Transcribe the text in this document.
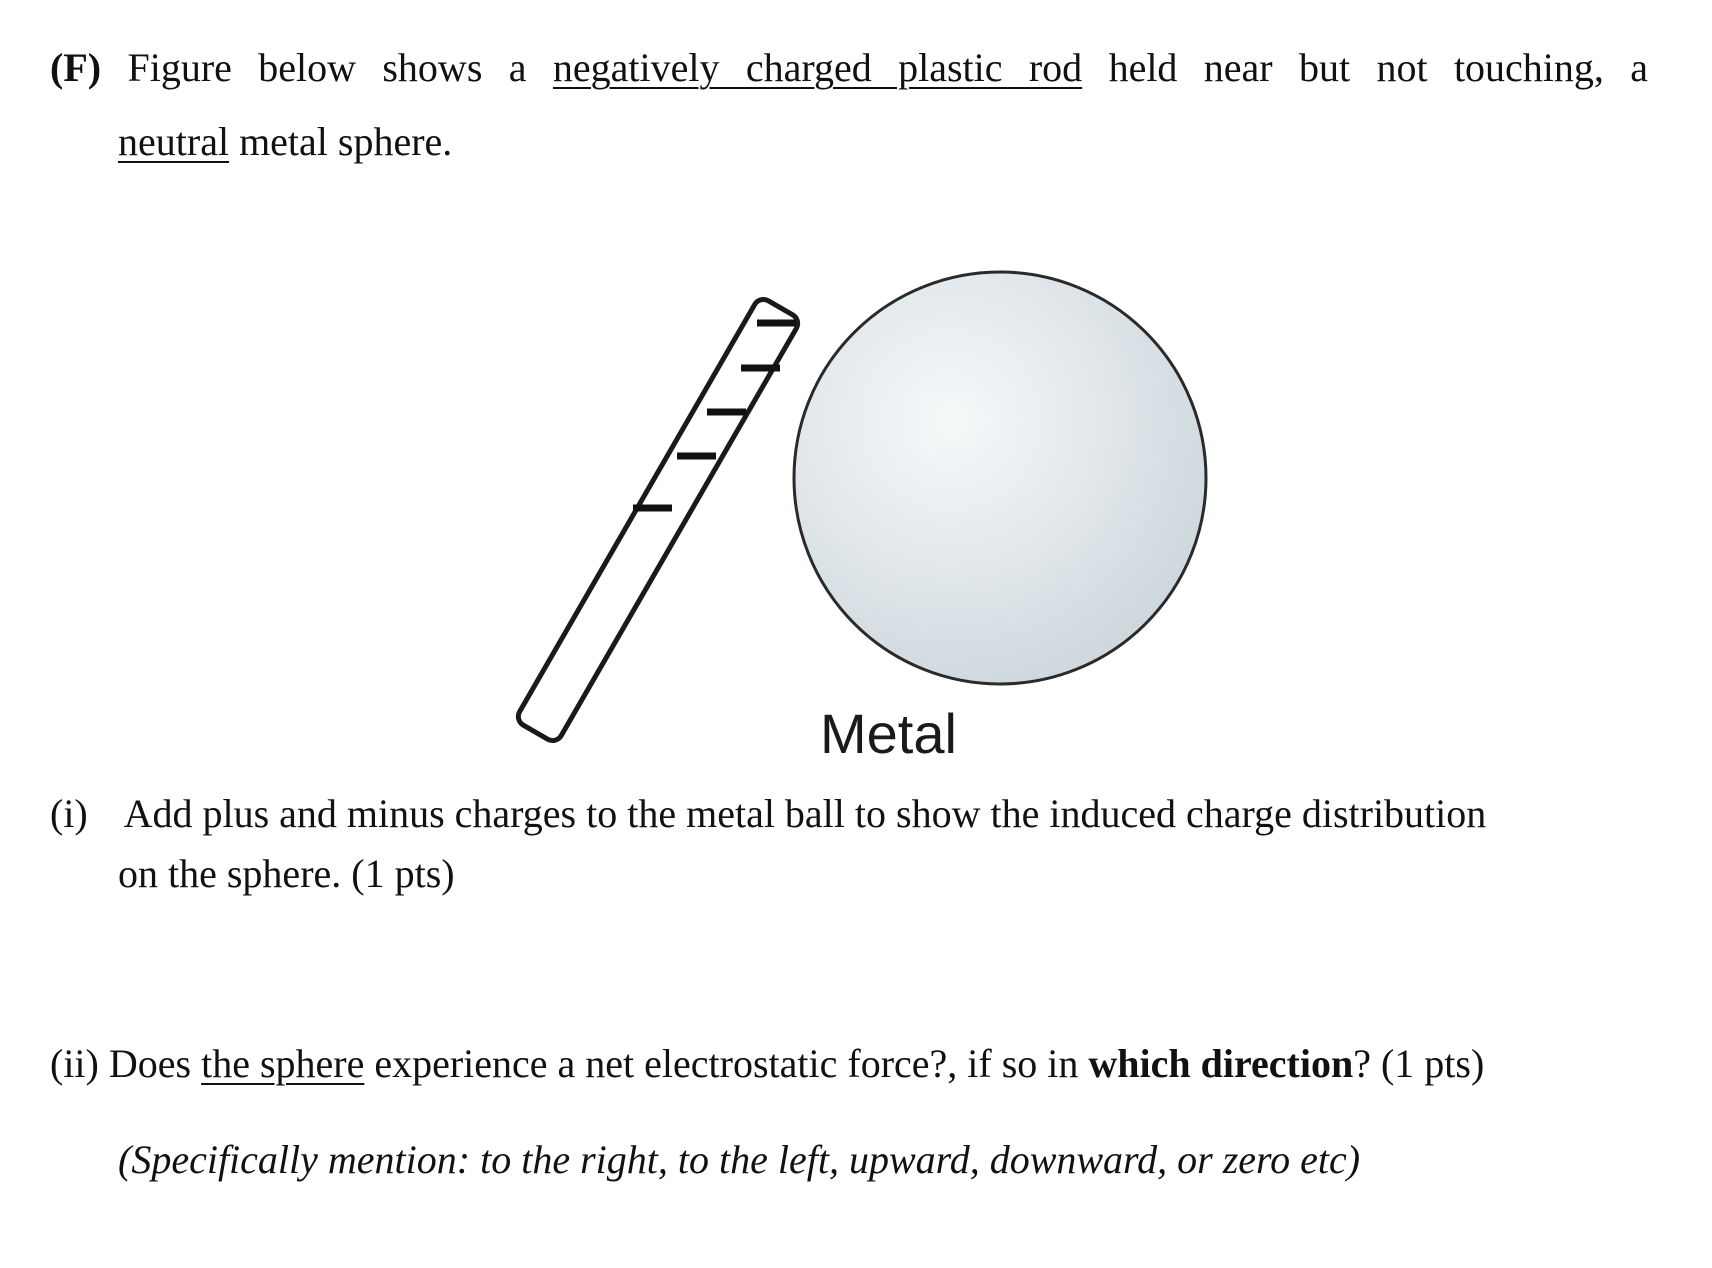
(F) Figure below shows a negatively charged plastic rod held near but not touching, a
neutral metal sphere.
Metal
(i) Add plus and minus charges to the metal ball to show the induced charge distribution
on the sphere. (1 pts)
(ii) Does the sphere experience a net electrostatic force?, if so in which direction? (1 pts)
(Specifically mention: to the right, to the left, upward, downward, or zero etc)
